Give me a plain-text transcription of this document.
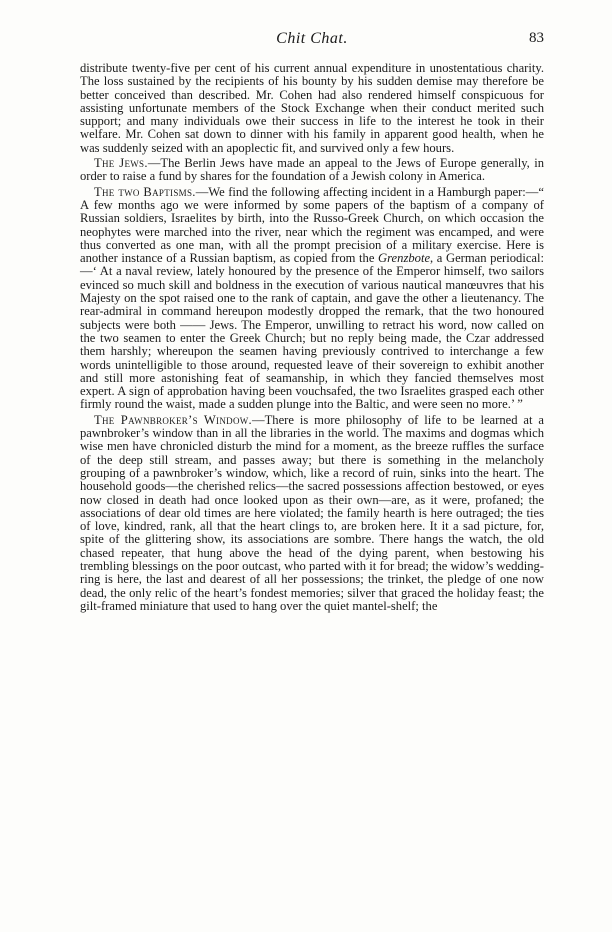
Chit Chat.	83

distribute twenty-five per cent of his current annual expenditure in unostentatious charity. The loss sustained by the recipients of his bounty by his sudden demise may therefore be better conceived than described. Mr. Cohen had also rendered himself conspicuous for assisting unfortunate members of the Stock Exchange when their conduct merited such support; and many individuals owe their success in life to the interest he took in their welfare. Mr. Cohen sat down to dinner with his family in apparent good health, when he was suddenly seized with an apoplectic fit, and survived only a few hours.

The Jews.—The Berlin Jews have made an appeal to the Jews of Europe generally, in order to raise a fund by shares for the foundation of a Jewish colony in America.

The two Baptisms.—We find the following affecting incident in a Hamburgh paper:—“ A few months ago we were informed by some papers of the baptism of a company of Russian soldiers, Israelites by birth, into the Russo-Greek Church, on which occasion the neophytes were marched into the river, near which the regiment was encamped, and were thus converted as one man, with all the prompt precision of a military exercise. Here is another instance of a Russian baptism, as copied from the Grenzbote, a German periodical:—‘ At a naval review, lately honoured by the presence of the Emperor himself, two sailors evinced so much skill and boldness in the execution of various nautical manœuvres that his Majesty on the spot raised one to the rank of captain, and gave the other a lieutenancy. The rear-admiral in command hereupon modestly dropped the remark, that the two honoured subjects were both —— Jews. The Emperor, unwilling to retract his word, now called on the two seamen to enter the Greek Church; but no reply being made, the Czar addressed them harshly; whereupon the seamen having previously contrived to interchange a few words unintelligible to those around, requested leave of their sovereign to exhibit another and still more astonishing feat of seamanship, in which they fancied themselves most expert. A sign of approbation having been vouchsafed, the two Israelites grasped each other firmly round the waist, made a sudden plunge into the Baltic, and were seen no more.’ ”

The Pawnbroker’s Window.—There is more philosophy of life to be learned at a pawnbroker’s window than in all the libraries in the world. The maxims and dogmas which wise men have chronicled disturb the mind for a moment, as the breeze ruffles the surface of the deep still stream, and passes away; but there is something in the melancholy grouping of a pawnbroker’s window, which, like a record of ruin, sinks into the heart. The household goods—the cherished relics—the sacred possessions affection bestowed, or eyes now closed in death had once looked upon as their own—are, as it were, profaned; the associations of dear old times are here violated; the family hearth is here outraged; the ties of love, kindred, rank, all that the heart clings to, are broken here. It it a sad picture, for, spite of the glittering show, its associations are sombre. There hangs the watch, the old chased repeater, that hung above the head of the dying parent, when bestowing his trembling blessings on the poor outcast, who parted with it for bread; the widow’s wedding-ring is here, the last and dearest of all her possessions; the trinket, the pledge of one now dead, the only relic of the heart’s fondest memories; silver that graced the holiday feast; the gilt-framed miniature that used to hang over the quiet mantel-shelf; the
